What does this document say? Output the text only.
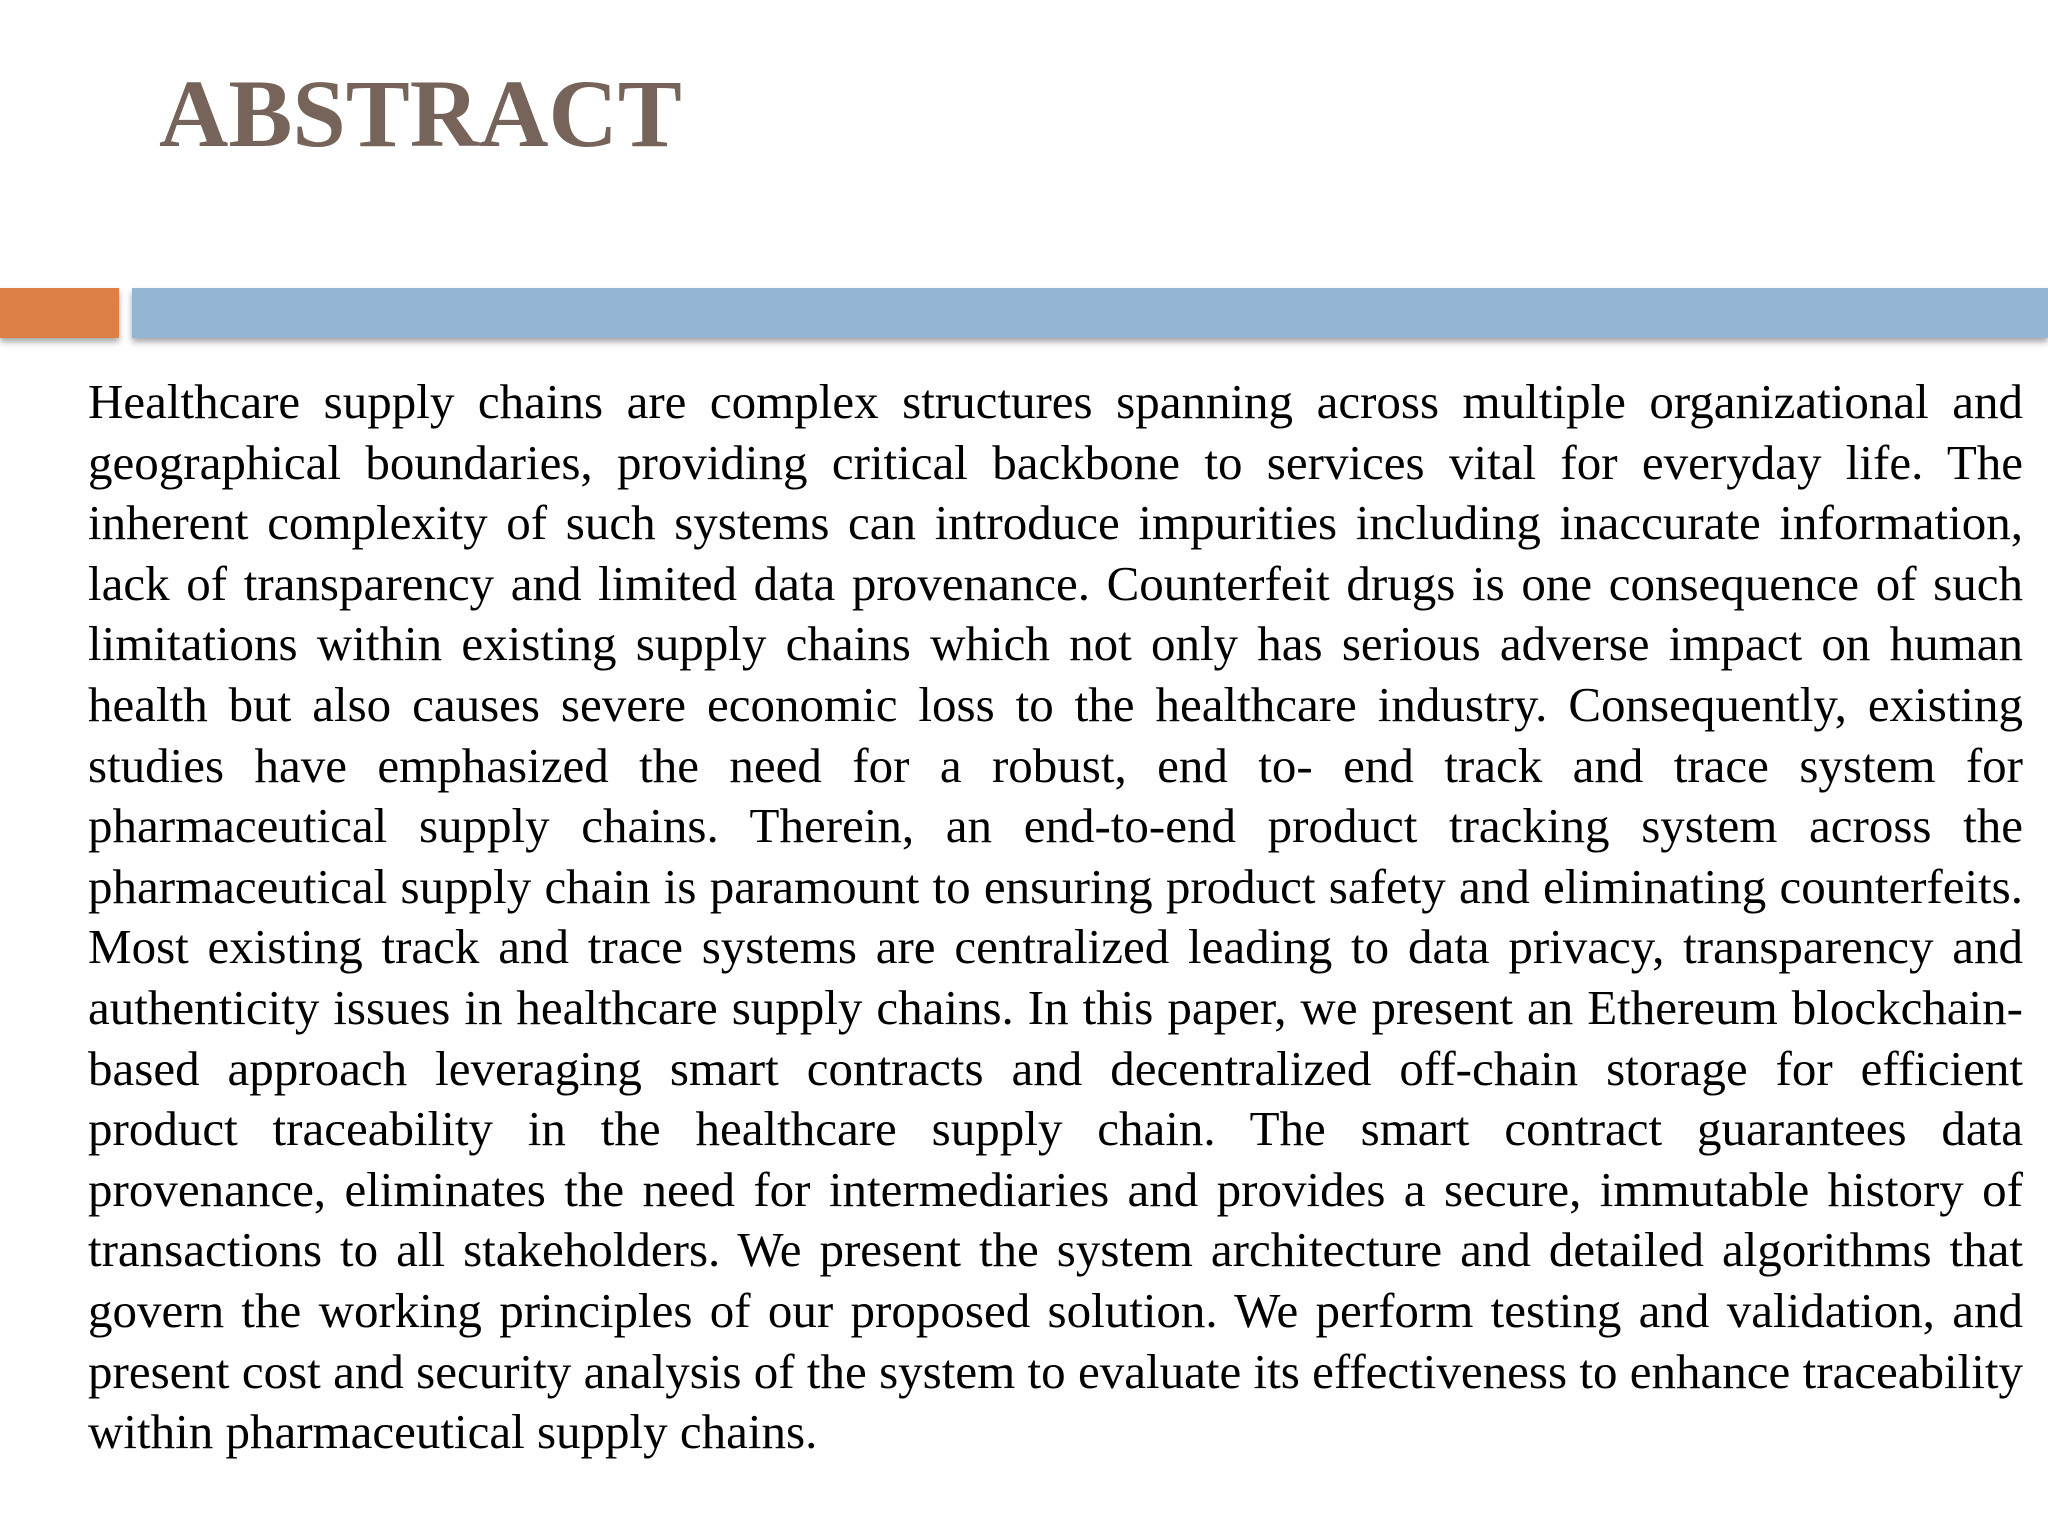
ABSTRACT

Healthcare supply chains are complex structures spanning across multiple organizational and geographical boundaries, providing critical backbone to services vital for everyday life. The inherent complexity of such systems can introduce impurities including inaccurate information, lack of transparency and limited data provenance. Counterfeit drugs is one consequence of such limitations within existing supply chains which not only has serious adverse impact on human health but also causes severe economic loss to the healthcare industry. Consequently, existing studies have emphasized the need for a robust, end to- end track and trace system for pharmaceutical supply chains. Therein, an end-to-end product tracking system across the pharmaceutical supply chain is paramount to ensuring product safety and eliminating counterfeits. Most existing track and trace systems are centralized leading to data privacy, transparency and authenticity issues in healthcare supply chains. In this paper, we present an Ethereum blockchain-based approach leveraging smart contracts and decentralized off-chain storage for efficient product traceability in the healthcare supply chain. The smart contract guarantees data provenance, eliminates the need for intermediaries and provides a secure, immutable history of transactions to all stakeholders. We present the system architecture and detailed algorithms that govern the working principles of our proposed solution. We perform testing and validation, and present cost and security analysis of the system to evaluate its effectiveness to enhance traceability within pharmaceutical supply chains.
